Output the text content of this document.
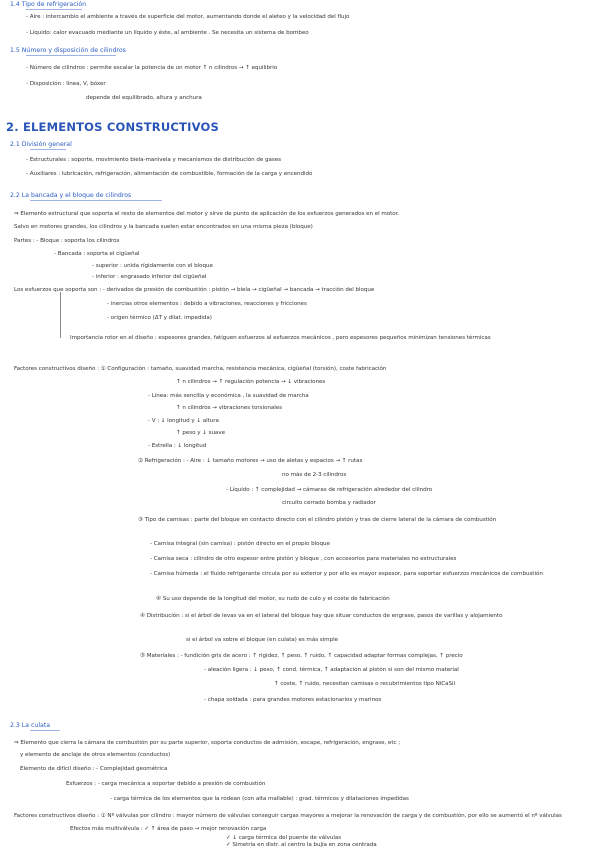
1.4 Tipo de refrigeración
- Aire : intercambio el ambiente a través de superficie del motor, aumentando donde el aleteo y la velocidad del flujo
- Líquido: calor evacuado mediante un líquido y éste, al ambiente . Se necesita un sistema de bombeo
1.5 Número y disposición de cilindros
- Número de cilindros : permite escalar la potencia de un motor ↑ n cilindros → ↑ equilibrio
- Disposición : línea, V, bóxer
depende del equilibrado, altura y anchura
2. ELEMENTOS CONSTRUCTIVOS
2.1 División general
- Estructurales : soporte, movimiento biela-manivela y mecanismos de distribución de gases
- Auxiliares : lubricación, refrigeración, alimentación de combustible, formación de la carga y encendido
2.2 La bancada y el bloque de cilindros
⇒ Elemento estructural que soporta el resto de elementos del motor y sirve de punto de aplicación de los esfuerzos generados en el motor.
Salvo en motores grandes, los cilindros y la bancada suelen estar encontrados en una misma pieza (bloque)
Partes : - Bloque : soporta los cilindros
- Bancada : soporta el cigüeñal
- superior : unida rígidamente con el bloque
- inferior : engrasado inferior del cigüeñal
Los esfuerzos que soporta son : - derivados de presión de combustión : pistón → biela → cigüeñal → bancada → tracción del bloque
- inercias otros elementos : debido a vibraciones, reacciones y fricciones
- origen térmico (ΔT y dilat. impedida)
Importancia rotor en el diseño : espesores grandes, fatiguen esfuerzos al esfuerzos mecánicos , pero espesores pequeños minimizan tensiones térmicas
Factores constructivos diseño : ① Configuración : tamaño, suavidad marcha, resistencia mecánica, cigüeñal (torsión), coste fabricación
↑ n cilindros → ↑ regulación potencia → ↓ vibraciones
- Línea: más sencilla y económica , la suavidad de marcha
↑ n cilindros → vibraciones torsionales
- V : ↓ longitud y ↓ altura
↑ peso y ↓ suave
- Estrella : ↓ longitud
② Refrigeración : - Aire : ↓ tamaño motores → uso de aletas y espacios → ↑ rutas
no más de 2-3 cilindros
- Líquido : ↑ complejidad → cámaras de refrigeración alrededor del cilindro
circuito cerrado bomba y radiador
③ Tipo de camisas : parte del bloque en contacto directo con el cilindro pistón y tras de cierre lateral de la cámara de combustión
- Camisa integral (sin camisa) : pistón directo en el propio bloque
- Camisa seca : cilindro de otro espesor entre pistón y bloque , con accesorios para materiales no estructurales
- Camisa húmeda : el fluido refrigerante circula por su exterior y por ello es mayor espesor, para soportar esfuerzos mecánicos de combustión
④ Su uso depende de la longitud del motor, su rudo de culo y el coste de fabricación
④ Distribución : si el árbol de levas va en el lateral del bloque hay que situar conductos de engrase, pasos de varillas y alojamiento
si el árbol va sobre el bloque (en culata) es más simple
⑤ Materiales : - fundición gris de acero : ↑ rigidez, ↑ peso, ↑ ruido, ↑ capacidad adaptar formas complejas, ↑ precio
- aleación ligera : ↓ peso, ↑ cond. térmica, ↑ adaptación al pistón si son del mismo material
↑ coste, ↑ ruido, necesitan camisas o recubrimientos tipo NiCaSil
- chapa soldada : para grandes motores estacionarios y marinos
2.3 La culata
⇒ Elemento que cierra la cámara de combustión por su parte superior, soporta conductos de admisión, escape, refrigeración, engrase, etc ;
y elemento de anclaje de otros elementos (conductos)
Elemento de difícil diseño : - Complejidad geométrica
Esfuerzos : - carga mecánica a soportar debido a presión de combustión
- carga térmica de los elementos que la rodean (con alta mallable) : grad. térmicos y dilataciones impedidas
Factores constructivos diseño : ① Nº válvulas por cilindro : mayor número de válvulas conseguir cargas mayores a mejorar la renovación de carga y de combustión, por ello se aumentó el nº válvulas
Efectos más multiválvula : ✓ ↑ área de paso → mejor renovación carga
✓ ↓ carga térmica del puente de válvulas
✓ Simetría en distr. al centro la bujía en zona centrada
